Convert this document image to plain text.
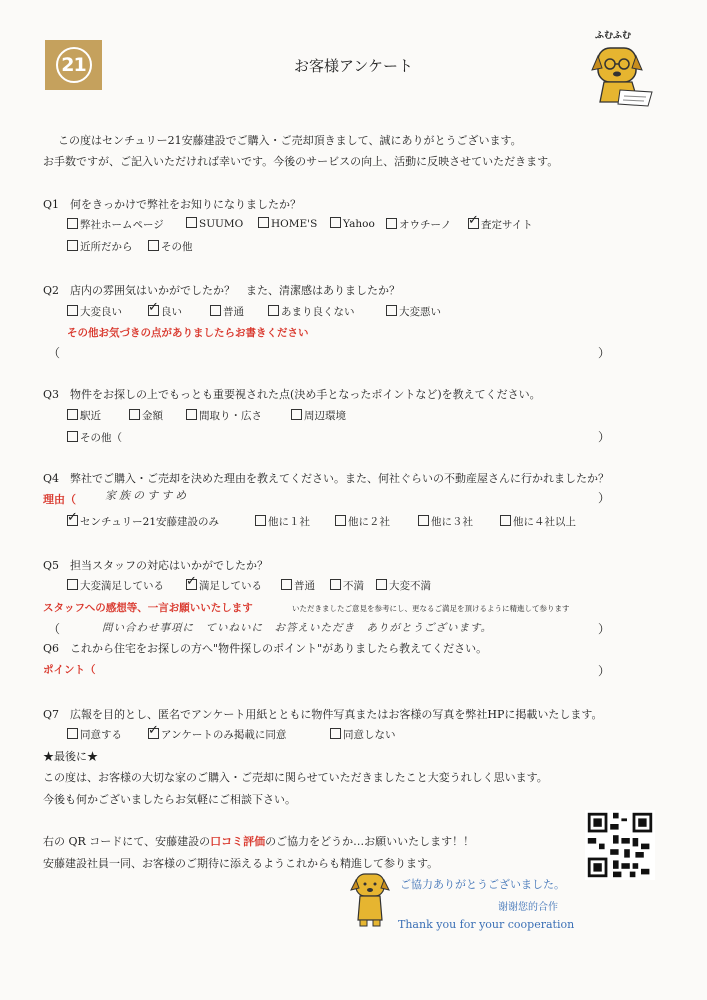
21	お客様アンケート
ふむふむ
この度はセンチュリー21安藤建設でご購入・ご売却頂きまして、誠にありがとうございます。
お手数ですが、ご記入いただければ幸いです。今後のサービスの向上、活動に反映させていただきます。
Q1　 何をきっかけで弊社をお知りになりましたか？
弊社ホームページ	SUUMO	HOME'S	Yahoo	オウチーノ ✓	査定サイト
近所だから	その他
Q2　 店内の雰囲気はいかがでしたか？　また、清潔感はありましたか？
大変良い ✓	良い	普通	あまり良くない	大変悪い
その他お気づきの点がありましたらお書きください
（	）
Q3　 物件をお探しの上でもっとも重要視された点(決め手となったポイントなど)を教えてください。
駅近	金額	間取り・広さ	周辺環境
その他（	）
Q4　 弊社でご購入・ご売却を決めた理由を教えてください。また、何社ぐらいの不動産屋さんに行かれましたか？
理由（	家族のすすめ	）
✓センチュリー21安藤建設のみ	他に１社	他に２社	他に３社	他に４社以上
Q5　 担当スタッフの対応はいかがでしたか？
大変満足している ✓	満足している	普通	不満	大変不満
スタッフへの感想等、一言お願いいたします	いただきましたご意見を参考にし、更なるご満足を頂けるように精進して参ります
（	問い合わせ事項に　ていねいに　お答えいただき　ありがとうございます。	）
Q6　 これから住宅をお探しの方へ"物件探しのポイント"がありましたら教えてください。
ポイント（	）
Q7　 広報を目的とし、匿名でアンケート用紙とともに物件写真またはお客様の写真を弊社HPに掲載いたします。
同意する ✓	アンケートのみ掲載に同意	同意しない
★最後に★
この度は、お客様の大切な家のご購入・ご売却に関らせていただきましたこと大変うれしく思います。
今後も何かございましたらお気軽にご相談下さい。
右の QR コードにて、安藤建設の口コミ評価のご協力をどうか…お願いいたします！！
安藤建設社員一同、お客様のご期待に添えるようこれからも精進して参ります。
ご協力ありがとうございました。
谢谢您的合作
Thank you for your cooperation
